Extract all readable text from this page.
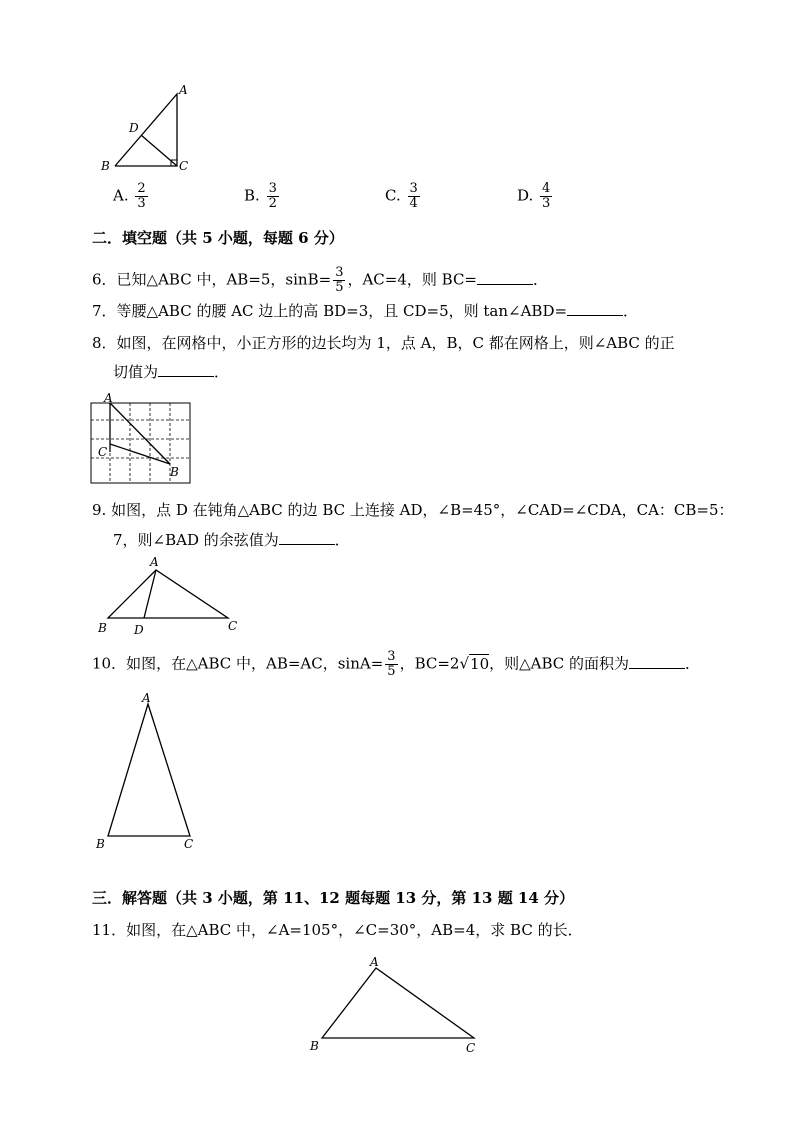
A
D
B	C
A. $\frac{2}{3}$	B. $\frac{3}{2}$	C. $\frac{3}{4}$	D. $\frac{4}{3}$
二．填空题（共 5 小题，每题 6 分）
6．已知△ABC 中，AB=5，$\sin B= \frac{3}{5}$ ，AC=4，则 BC=	．
7．等腰△ABC 的腰 AC 边上的高 BD=3，且 CD=5，则 tan∠ABD=	．
8．如图，在网格中，小正方形的边长均为 1，点 A，B，C 都在网格上，则∠ABC 的正
切值为	．
A
C
B
9. 如图，点 D 在钝角△ABC 的边 BC 上连接 AD，∠B=45°，∠CAD=∠CDA，CA：CB=5：
7，则∠BAD 的余弦值为	．
A
B D	C
10．如图，在△ABC 中，AB=AC，$\sin A= \frac{3}{5}$ ，BC=2√10，则△ABC 的面积为	．
A
B	C
三．解答题（共 3 小题，第 11、12 题每题 13 分，第 13 题 14 分）
11．如图，在△ABC 中，∠A=105°，∠C=30°，AB=4，求 BC 的长．
A
B	C
